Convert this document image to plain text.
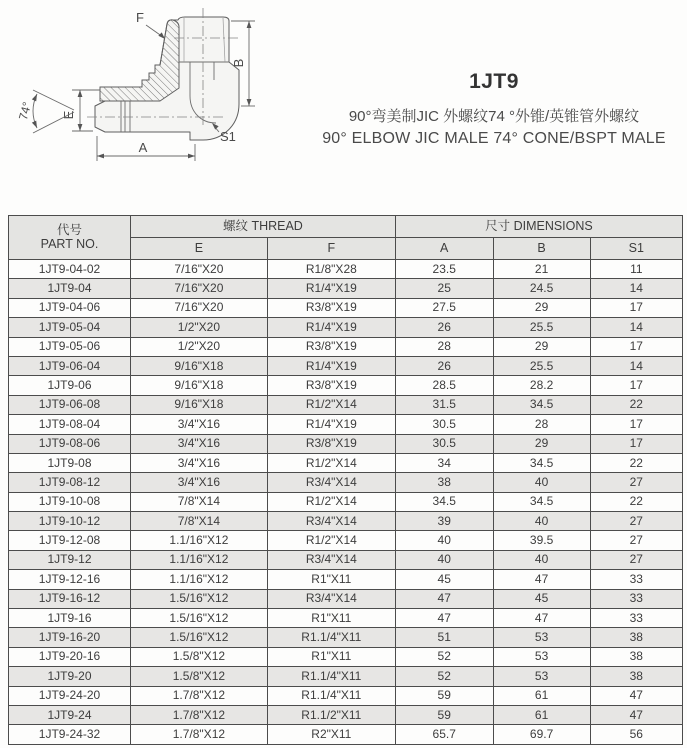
E
74°
B
A
F
S1
1JT9
90°弯美制JIC 外螺纹74 °外锥/英锥管外螺纹
90° ELBOW JIC MALE 74° CONE/BSPT MALE
代号
PART NO.	螺纹 THREAD		尺寸 DIMENSIONS		
	E	F	A	B	S1
1JT9-04-02	7/16"X20	R1/8"X28	23.5	21	11
1JT9-04	7/16"X20	R1/4"X19	25	24.5	14
1JT9-04-06	7/16"X20	R3/8"X19	27.5	29	17
1JT9-05-04	1/2"X20	R1/4"X19	26	25.5	14
1JT9-05-06	1/2"X20	R3/8"X19	28	29	17
1JT9-06-04	9/16"X18	R1/4"X19	26	25.5	14
1JT9-06	9/16"X18	R3/8"X19	28.5	28.2	17
1JT9-06-08	9/16"X18	R1/2"X14	31.5	34.5	22
1JT9-08-04	3/4"X16	R1/4"X19	30.5	28	17
1JT9-08-06	3/4"X16	R3/8"X19	30.5	29	17
1JT9-08	3/4"X16	R1/2"X14	34	34.5	22
1JT9-08-12	3/4"X16	R3/4"X14	38	40	27
1JT9-10-08	7/8"X14	R1/2"X14	34.5	34.5	22
1JT9-10-12	7/8"X14	R3/4"X14	39	40	27
1JT9-12-08	1.1/16"X12	R1/2"X14	40	39.5	27
1JT9-12	1.1/16"X12	R3/4"X14	40	40	27
1JT9-12-16	1.1/16"X12	R1"X11	45	47	33
1JT9-16-12	1.5/16"X12	R3/4"X14	47	45	33
1JT9-16	1.5/16"X12	R1"X11	47	47	33
1JT9-16-20	1.5/16"X12	R1.1/4"X11	51	53	38
1JT9-20-16	1.5/8"X12	R1"X11	52	53	38
1JT9-20	1.5/8"X12	R1.1/4"X11	52	53	38
1JT9-24-20	1.7/8"X12	R1.1/4"X11	59	61	47
1JT9-24	1.7/8"X12	R1.1/2"X11	59	61	47
1JT9-24-32	1.7/8"X12	R2"X11	65.7	69.7	56
